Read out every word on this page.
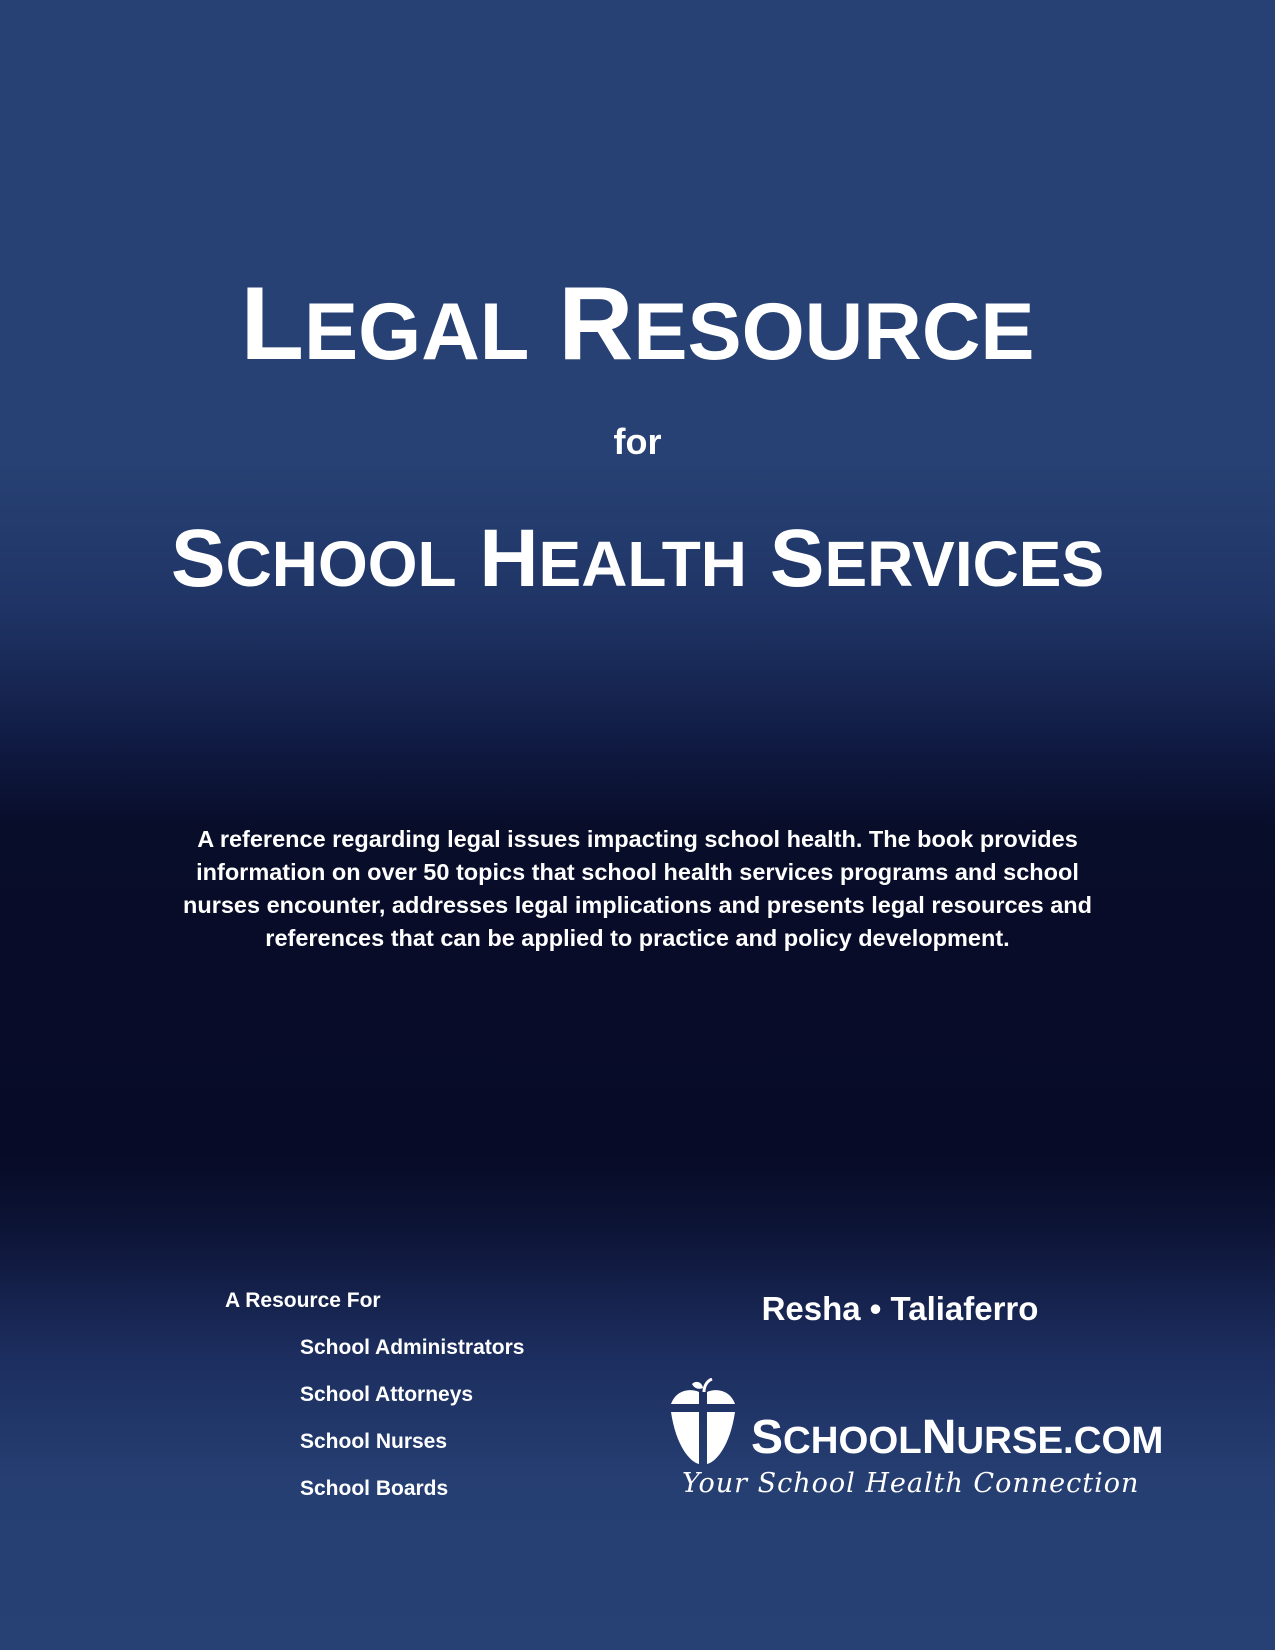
LEGAL RESOURCE
for
SCHOOL HEALTH SERVICES

A reference regarding legal issues impacting school health. The book provides information on over 50 topics that school health services programs and school nurses encounter, addresses legal implications and presents legal resources and references that can be applied to practice and policy development.

A Resource For
School Administrators
School Attorneys
School Nurses
School Boards
Resha • Taliaferro
SCHOOLNURSE.COM
Your School Health Connection
